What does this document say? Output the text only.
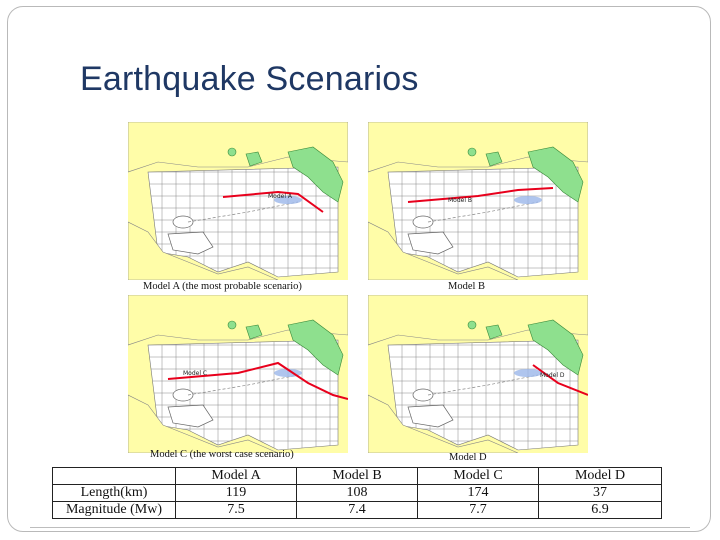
Earthquake Scenarios
Model A
Model B
Model C	Model D
Model A (the most probable scenario)	Model B
Model C (the worst case scenario)	Model D
	Model A	Model B	Model C	Model D
Length(km)	119	108	174	37
Magnitude (Mw)	7.5	7.4	7.7	6.9
